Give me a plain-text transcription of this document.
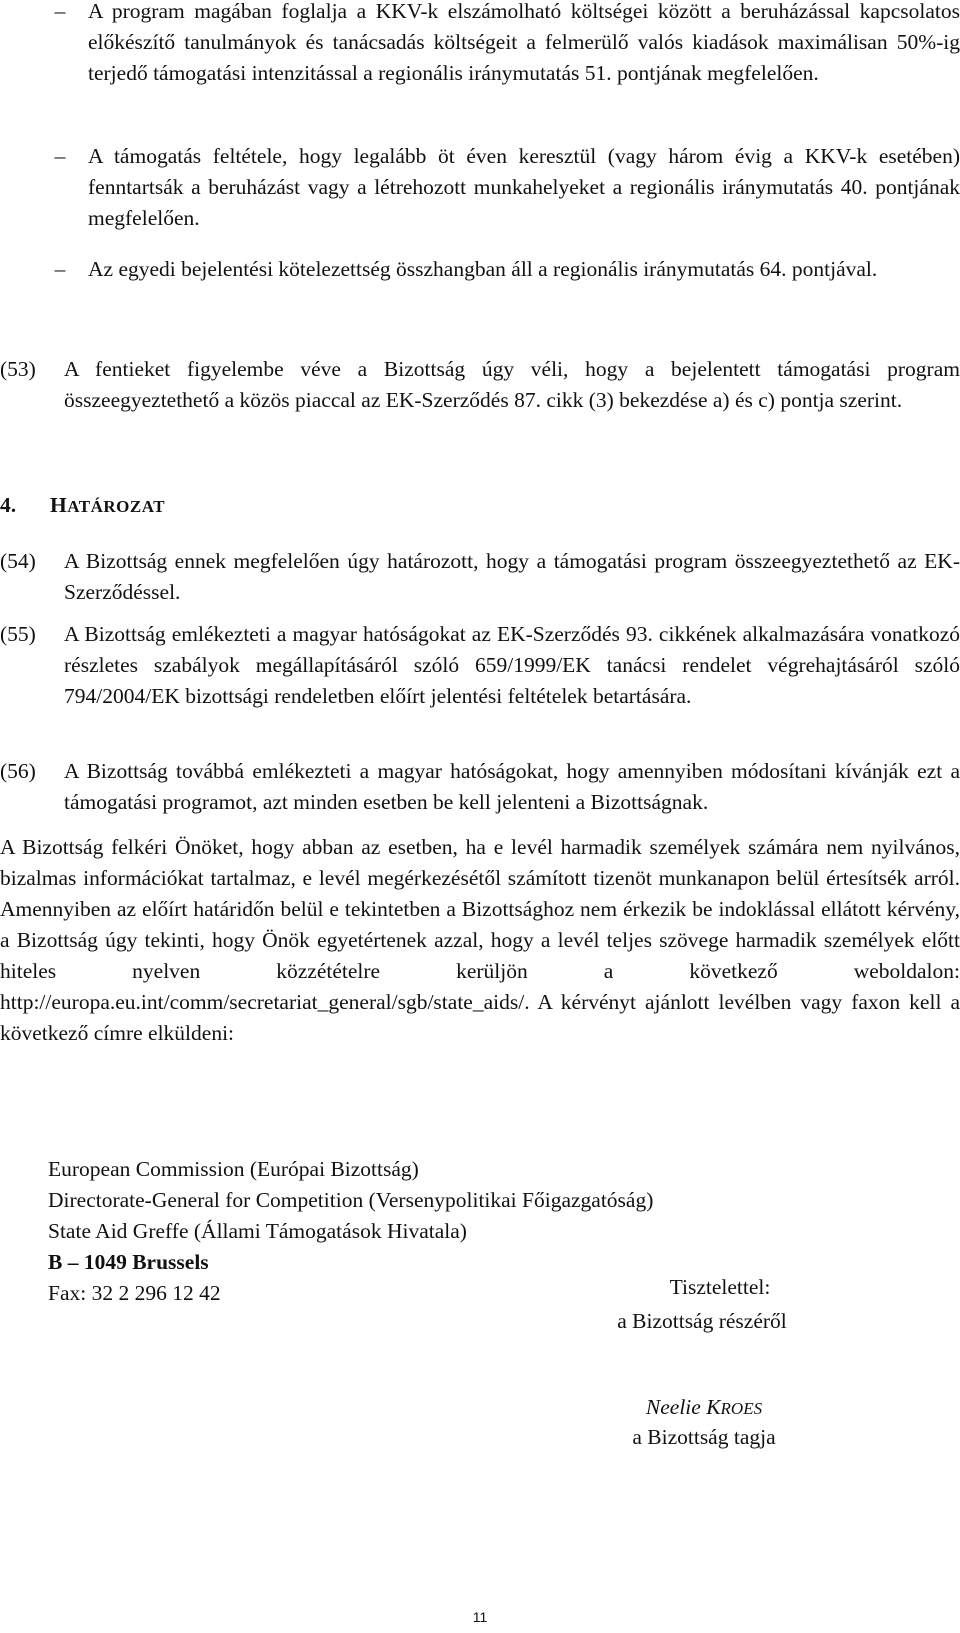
–	A program magában foglalja a KKV-k elszámolható költségei között a beruházással kapcsolatos előkészítő tanulmányok és tanácsadás költségeit a felmerülő valós kiadások maximálisan 50%-ig terjedő támogatási intenzitással a regionális iránymutatás 51. pontjának megfelelően.
–	A támogatás feltétele, hogy legalább öt éven keresztül (vagy három évig a KKV-k esetében) fenntartsák a beruházást vagy a létrehozott munkahelyeket a regionális iránymutatás 40. pontjának megfelelően.
–	Az egyedi bejelentési kötelezettség összhangban áll a regionális iránymutatás 64. pontjával.
(53)	A fentieket figyelembe véve a Bizottság úgy véli, hogy a bejelentett támogatási program összeegyeztethető a közös piaccal az EK-Szerződés 87. cikk (3) bekezdése a) és c) pontja szerint.
4. HATÁROZAT
(54)	A Bizottság ennek megfelelően úgy határozott, hogy a támogatási program összeegyeztethető az EK-Szerződéssel.
(55)	A Bizottság emlékezteti a magyar hatóságokat az EK-Szerződés 93. cikkének alkalmazására vonatkozó részletes szabályok megállapításáról szóló 659/1999/EK tanácsi rendelet végrehajtásáról szóló 794/2004/EK bizottsági rendeletben előírt jelentési feltételek betartására.
(56)	A Bizottság továbbá emlékezteti a magyar hatóságokat, hogy amennyiben módosítani kívánják ezt a támogatási programot, azt minden esetben be kell jelenteni a Bizottságnak.
A Bizottság felkéri Önöket, hogy abban az esetben, ha e levél harmadik személyek számára nem nyilvános, bizalmas információkat tartalmaz, e levél megérkezésétől számított tizenöt munkanapon belül értesítsék arról. Amennyiben az előírt határidőn belül e tekintetben a Bizottsághoz nem érkezik be indoklással ellátott kérvény, a Bizottság úgy tekinti, hogy Önök egyetértenek azzal, hogy a levél teljes szövege harmadik személyek előtt hiteles nyelven közzétételre kerüljön a következő weboldalon: http://europa.eu.int/comm/secretariat_general/sgb/state_aids/. A kérvényt ajánlott levélben vagy faxon kell a következő címre elküldeni:
European Commission (Európai Bizottság)
Directorate-General for Competition (Versenypolitikai Főigazgatóság)
State Aid Greffe (Állami Támogatások Hivatala)
B – 1049 Brussels
Fax: 32 2 296 12 42	Tisztelettel:
a Bizottság részéről
Neelie KROES
a Bizottság tagja
11
